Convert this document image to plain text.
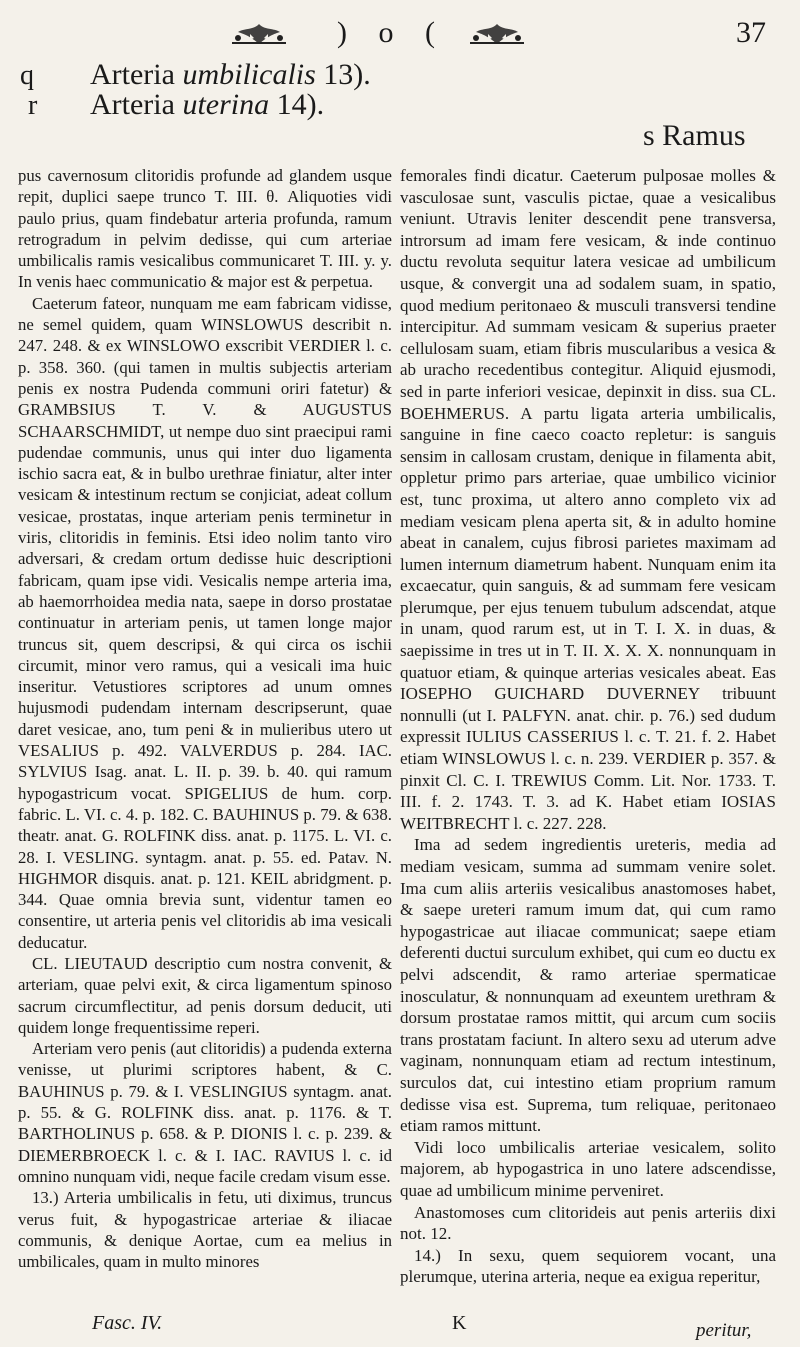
) o (	37
q	Arteria umbilicalis 13).
r	Arteria uterina 14).
s Ramus

pus cavernosum clitoridis profunde ad glandem usque repit, duplici saepe trunco T. III. θ. Aliquoties vidi paulo prius, quam findebatur arteria profunda, ramum retrogradum in pelvim dedisse, qui cum arteriae umbilicalis ramis vesicalibus communicaret T. III. y. y. In venis haec communicatio & major est & perpetua.

Caeterum fateor, nunquam me eam fabricam vidisse, ne semel quidem, quam WINSLOWUS describit n. 247. 248. & ex WINSLOWO exscribit VERDIER l. c. p. 358. 360. (qui tamen in multis subjectis arteriam penis ex nostra Pudenda communi oriri fatetur) & GRAMBSIUS T. V. & AUGUSTUS SCHAARSCHMIDT, ut nempe duo sint praecipui rami pudendae communis, unus qui inter duo ligamenta ischio sacra eat, & in bulbo urethrae finiatur, alter inter vesicam & intestinum rectum se conjiciat, adeat collum vesicae, prostatas, inque arteriam penis terminetur in viris, clitoridis in feminis. Etsi ideo nolim tanto viro adversari, & credam ortum dedisse huic descriptioni fabricam, quam ipse vidi. Vesicalis nempe arteria ima, ab haemorrhoidea media nata, saepe in dorso prostatae continuatur in arteriam penis, ut tamen longe major truncus sit, quem descripsi, & qui circa os ischii circumit, minor vero ramus, qui a vesicali ima huic inseritur. Vetustiores scriptores ad unum omnes hujusmodi pudendam internam descripserunt, quae daret vesicae, ano, tum peni & in mulieribus utero ut VESALIUS p. 492. VALVERDUS p. 284. IAC. SYLVIUS Isag. anat. L. II. p. 39. b. 40. qui ramum hypogastricum vocat. SPIGELIUS de hum. corp. fabric. L. VI. c. 4. p. 182. C. BAUHINUS p. 79. & 638. theatr. anat. G. ROLFINK diss. anat. p. 1175. L. VI. c. 28. I. VESLING. syntagm. anat. p. 55. ed. Patav. N. HIGHMOR disquis. anat. p. 121. KEIL abridgment. p. 344. Quae omnia brevia sunt, videntur tamen eo consentire, ut arteria penis vel clitoridis ab ima vesicali deducatur.

CL. LIEUTAUD descriptio cum nostra convenit, & arteriam, quae pelvi exit, & circa ligamentum spinoso sacrum circumflectitur, ad penis dorsum deducit, uti quidem longe frequentissime reperi.

Arteriam vero penis (aut clitoridis) a pudenda externa venisse, ut plurimi scriptores habent, & C. BAUHINUS p. 79. & I. VESLINGIUS syntagm. anat. p. 55. & G. ROLFINK diss. anat. p. 1176. & T. BARTHOLINUS p. 658. & P. DIONIS l. c. p. 239. & DIEMERBROECK l. c. & I. IAC. RAVIUS l. c. id omnino nunquam vidi, neque facile credam visum esse.

13.) Arteria umbilicalis in fetu, uti diximus, truncus verus fuit, & hypogastricae arteriae & iliacae communis, & denique Aortae, cum ea melius in umbilicales, quam in multo minores

femorales findi dicatur. Caeterum pulposae molles & vasculosae sunt, vasculis pictae, quae a vesicalibus veniunt. Utravis leniter descendit pene transversa, introrsum ad imam fere vesicam, & inde continuo ductu revoluta sequitur latera vesicae ad umbilicum usque, & convergit una ad sodalem suam, in spatio, quod medium peritonaeo & musculi transversi tendine intercipitur. Ad summam vesicam & superius praeter cellulosam suam, etiam fibris muscularibus a vesica & ab uracho recedentibus contegitur. Aliquid ejusmodi, sed in parte inferiori vesicae, depinxit in diss. sua CL. BOEHMERUS. A partu ligata arteria umbilicalis, sanguine in fine caeco coacto repletur: is sanguis sensim in callosam crustam, denique in filamenta abit, oppletur primo pars arteriae, quae umbilico vicinior est, tunc proxima, ut altero anno completo vix ad mediam vesicam plena aperta sit, & in adulto homine abeat in canalem, cujus fibrosi parietes maximam ad lumen internum diametrum habent. Nunquam enim ita excaecatur, quin sanguis, & ad summam fere vesicam plerumque, per ejus tenuem tubulum adscendat, atque in unam, quod rarum est, ut in T. I. X. in duas, & saepissime in tres ut in T. II. X. X. X. nonnunquam in quatuor etiam, & quinque arterias vesicales abeat. Eas IOSEPHO GUICHARD DUVERNEY tribuunt nonnulli (ut I. PALFYN. anat. chir. p. 76.) sed dudum expressit IULIUS CASSERIUS l. c. T. 21. f. 2. Habet etiam WINSLOWUS l. c. n. 239. VERDIER p. 357. & pinxit Cl. C. I. TREWIUS Comm. Lit. Nor. 1733. T. III. f. 2. 1743. T. 3. ad K. Habet etiam IOSIAS WEITBRECHT l. c. 227. 228.

Ima ad sedem ingredientis ureteris, media ad mediam vesicam, summa ad summam venire solet. Ima cum aliis arteriis vesicalibus anastomoses habet, & saepe ureteri ramum imum dat, qui cum ramo hypogastricae aut iliacae communicat; saepe etiam deferenti ductui surculum exhibet, qui cum eo ductu ex pelvi adscendit, & ramo arteriae spermaticae inosculatur, & nonnunquam ad exeuntem urethram & dorsum prostatae ramos mittit, qui arcum cum sociis trans prostatam faciunt. In altero sexu ad uterum adve vaginam, nonnunquam etiam ad rectum intestinum, surculos dat, cui intestino etiam proprium ramum dedisse visa est. Suprema, tum reliquae, peritonaeo etiam ramos mittunt.

Vidi loco umbilicalis arteriae vesicalem, solito majorem, ab hypogastrica in uno latere adscendisse, quae ad umbilicum minime perveniret.

Anastomoses cum clitorideis aut penis arteriis dixi not. 12.

14.) In sexu, quem sequiorem vocant, una plerumque, uterina arteria, neque ea exigua reperitur,

Fasc. IV.	K	peritur,
